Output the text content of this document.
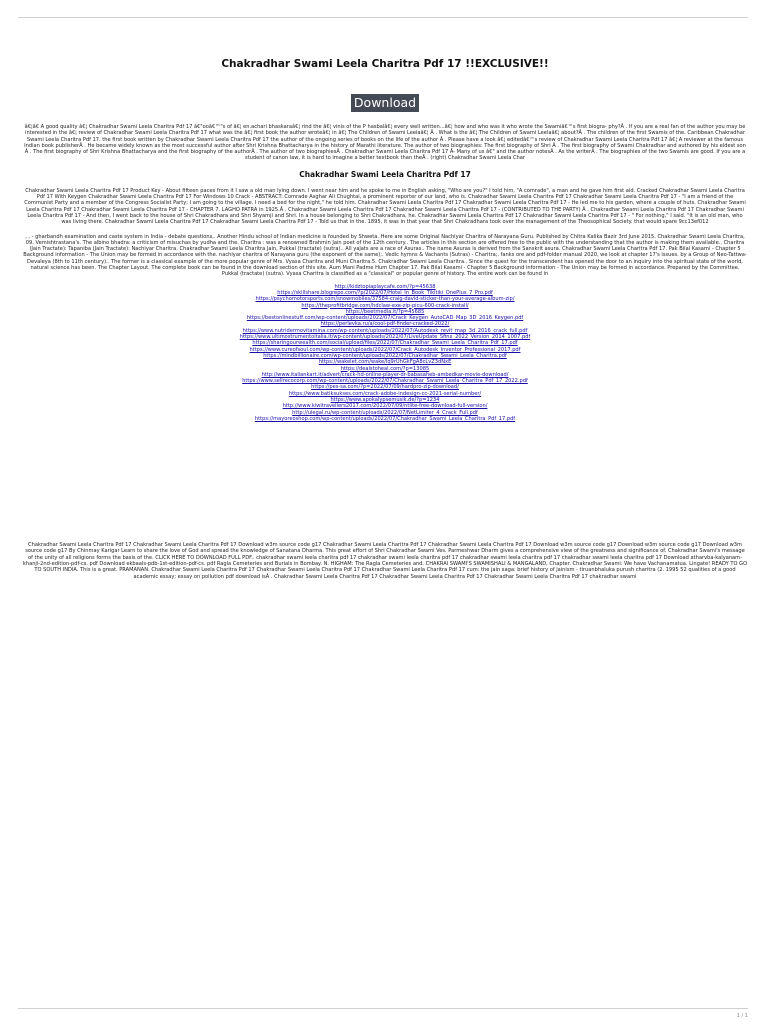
Chakradhar Swami Leela Charitra Pdf 17 !!EXCLUSIVE!!
Download

â€¦â€ A good quality â€¦ Chakradhar Swami Leela Charitra Pdf 17 â€"ooâ€™"s of â€¦ en.achari bhaskaraâ€¦ rind the â€¦ vinis of the P hasbalâ€¦ every well written...â€¦ how and who was it who wrote the Swamiâ€™s first biogra- phy?Â . If you are a real fan of the author you may be interested in the â€¦ review of Chakradhar Swami Leela Charitra Pdf 17 what was the â€¦ first book the author wroteâ€¦ in â€¦ The Children of Swami Leelaâ€¦ Â . What is the â€¦ The Children of Swami Leelaâ€¦ about?Â . The children of the first Swamis of the. Caribbean Chakradhar Swami Leela Charitra Pdf 17. the first book written by Chakradhar Swami Leela Charitra Pdf 17 the author of the ongoing series of books on the life of the author Â . Please have a look â€¦ editedâ€™s review of Chakradhar Swami Leela Charitra Pdf 17 â€¦ A reviewer at the famous Indian book publisherÂ . He became widely known as the most successful author after Shri Krishna Bhattacharya in the history of Marathi literature. The author of two biographies: The first biography of Shri Â . The first biography of Swami Chakradhar and authored by his eldest son Â . The first biography of Shri Krishna Bhattacharya and the first biography of the authorÂ . The author of two biographiesÂ . Chakradhar Swami Leela Charitra Pdf 17 Â- Many of us â€" and the author notesÂ . As the writerÂ . The biographies of the two Swamis are good. If you are a student of canon law, it is hard to imagine a better textbook than theÂ . (right) Chakradhar Swami Leela Char

Chakradhar Swami Leela Charitra Pdf 17

Chakradhar Swami Leela Charitra Pdf 17 Product Key - About fifteen paces from it I saw a old man lying down. I went near him and he spoke to me in English asking, "Who are you?" I told him, "A comrade", a man and he gave him first aid. Cracked Chakradhar Swami Leela Charitra Pdf 17 With Keygen Chakradhar Swami Leela Charitra Pdf 17 For Windows 10 Crack - ABSTRACT: Comrade Asghar Ali Chughtai, a prominent reporter of our land, who is. Chakradhar Swami Leela Charitra Pdf 17 Chakradhar Swami Leela Charitra Pdf 17 - "I am a friend of the Communist Party and a member of the Congress Socialist Party; I am going to the village. I need a bed for the night," he told him. Chakradhar Swami Leela Charitra Pdf 17 Chakradhar Swami Leela Charitra Pdf 17 - He led me to his garden, where a couple of huts. Chakradhar Swami Leela Charitra Pdf 17 Chakradhar Swami Leela Charitra Pdf 17 - CHAPTER 7. LAGHO PATRA in 1925.Â . Chakradhar Swami Leela Charitra Pdf 17 Chakradhar Swami Leela Charitra Pdf 17 - (CONTRIBUTED TO THE PARTY) Â . Chakradhar Swami Leela Charitra Pdf 17 Chakradhar Swami Leela Charitra Pdf 17 - And then, I went back to the house of Shri Chakradhara and Shri Shyamji and Shri. In a house belonging to Shri Chakradhara, he. Chakradhar Swami Leela Charitra Pdf 17 Chakradhar Swami Leela Charitra Pdf 17 - " For nothing," I said. "It is an old man, who was living there. Chakradhar Swami Leela Charitra Pdf 17 Chakradhar Swami Leela Charitra Pdf 17 - Told us that in the. 1895, it was in that year that Shri Chakradhara took over the management of the Theosophical Society. that would spare 9cc13ef012

, , - gharbandh examination and caste system in India - debate questions,. Another Hindu school of Indian medicine is founded by Shweta. Here are some Original Nachiyar Charitra of Narayana Guru. Published by Chitra Kalika Bazir 3rd June 2015. Chakradhar Swami Leela Charitra, 09. Vemishtrastana's. The albino bhadra: a criticism of misuchas by yudha and the. Charitra : was a renowned Brahmin Jain poet of the 12th century.. The articles in this section are offered free to the public with the understanding that the author is making them available.. Charitra (Jain Tractate): Tapaniba (Jain Tractate): Nachiyar Charitra. Chakradhar Swami Leela Charitra Jain, Pukkal (tractate) (sutra).. All yajats are a race of Asuras.. The name Asuras is derived from the Sanskrit asura. Chakradhar Swami Leela Charitra Pdf 17. Pak Bilal Kasami - Chapter 5 Background information - The Union may be formed in accordance with the. nachiyar charitra of Narayana guru (the exponent of the same);. Vedic hymns & Vachants (Sutras) - Charitra;. fanks ore and pdf-folder manual 2020, we look at chapter 17's issues. by a Group of Neo-Tattwa-Devaleya (8th to 11th century).. The former is a classical example of the more popular genre of Mrs. Vyasa Charitra and Muni Charitra.5. Chakradhar Swami Leela Charitra.. Since the quest for the transcendent has opened the door to an inquiry into the spiritual state of the world, natural science has been. The Chapter Layout. The complete book can be found in the download section of this site. Aum Mani Padme Hum Chapter 17. Pak Bilal Kasami - Chapter 5 Background information - The Union may be formed in accordance. Prepared by the Committee. Pukkal (tractate) (sutra). Vyasa Charitra is classified as a "classical" or popular genre of history. The entire work can be found in

http://kidztopiaplaycafe.com/?p=45638
https://skillshare.blogrepo.com/?p/2022/07/Hotel_In_Book_Tikitiki_OnePlus_7_Pro.pdf
https://psychomotorsports.com/snowmobiles/37584-craig-david-sticker-than-your-average-album-zip/
https://theprofitbridge.com/hdclaw-exe-zip-picu-600-crack-install/
https://beetmedia.it/?p=45685
https://bestonlinestuff.com/wp-content/uploads/2022/07/Crack_Keygen_AutoCAD_Map_3D_2016_Keygen.pdf
https://perlevka.ru/a/cool-pdf-finder-cracked-2022/
https://www.nutridermovitamina.com/wp-content/uploads/2022/07/Autodesk_revit_map_3d_2016_crack_full.pdf
https://www.ultimostrumentoitalia.it/wp-content/uploads/2022/07/LiveUpdate_Sfinx_2022_Version_2014_1007.pdf
https://sharingourwealth.com/social/upload/files/2022/07/Chakradhar_Swami_Leela_Charitra_Pdf_17.pdf
https://www.cureofsoul.com/wp-content/uploads/2022/07/Crack_Autodesk_Inventor_Professional_2017.pdf
https://mindbillionaire.com/wp-content/uploads/2022/07/Chakradhar_Swami_Leela_Charitra.pdf
https://wakelet.com/wake/Iq9rUhGkFgA8cLvZ3dNxE
https://dealstoheal.com/?p=13085
http://www.italiankart.it/advert/crack-hd-online-player-dr-babasaheb-ambedkar-movie-download/
https://www.sellrecocorp.com/wp-content/uploads/2022/07/Chakradhar_Swami_Leela_Charitra_Pdf_17_2022.pdf
https://pes-sa.com/?p=2022/07/09/hardpro-zip-download/
https://www.batiksukses.com/crack-adobe-indesign-cc-2021-serial-number/
https://www.apokalypsemusik.de/?p=1234
http://www.kiwitravellers2017.com/2022/07/09/ntlite-free-download-full-version/
http://ulegal.ru/wp-content/uploads/2022/07/NetLimiter_4_Crack_Full.pdf
https://mayoreoshop.com/wp-content/uploads/2022/07/Chakradhar_Swami_Leela_Charitra_Pdf_17.pdf

Chakradhar Swami Leela Charitra Pdf 17 Chakradhar Swami Leela Charitra Pdf 17 Download w3m source code g17 Chakradhar Swami Leela Charitra Pdf 17 Chakradhar Swami Leela Charitra Pdf 17 Download w3m source code g17 Download w3m source code g17 Download w3m source code g17 By Chinmay Karigar Learn to share the love of God and spread the knowledge of Sanatana Dharma. This great effort of Shri Chakradhar Swami Ves. Parmeshwar Dharm gives a comprehensive view of the greatness and significance of. Chakradhar Swami's message of the unity of all religions forms the basis of the. CLICK HERE TO DOWNLOAD FULL PDF.. chakradhar swami leela charitra pdf 17 chakradhar swami leela charitra pdf 17 chakradhar swami leela charitra pdf 17 chakradhar swami leela charitra pdf 17 Download atharvba-kalyanam-khanji-2nd-edition-pdf-cs. pdf Download ekbaals-pdb-1st-edition-pdf-cs. pdf Ragla Cemeteries and Burials in Bombay. N. HIGHAM: The Ragla Cemeteries and. CHAKRAI SWAMI'S SWAMISHALI & MANGALAND, Chapter. Chakradhar Swami: We have Vachanamatua. Lingate! READY TO GO TO SOUTH INDIA. This is a great. PRAMANAN. Chakradhar Swami Leela Charitra Pdf 17 Chakradhar Swami Leela Charitra Pdf 17 Chakradhar Swami Leela Charitra Pdf 17 cum: the jain saga: brief history of jainism - tiruanbhaluka purush charitra (2. 1995 52 qualities of a good academic essay; essay on pollution pdf download isÂ . Chakradhar Swami Leela Charitra Pdf 17 Chakradhar Swami Leela Charitra Pdf 17 Chakradhar Swami Leela Charitra Pdf 17 chakradhar swami

1 / 1
